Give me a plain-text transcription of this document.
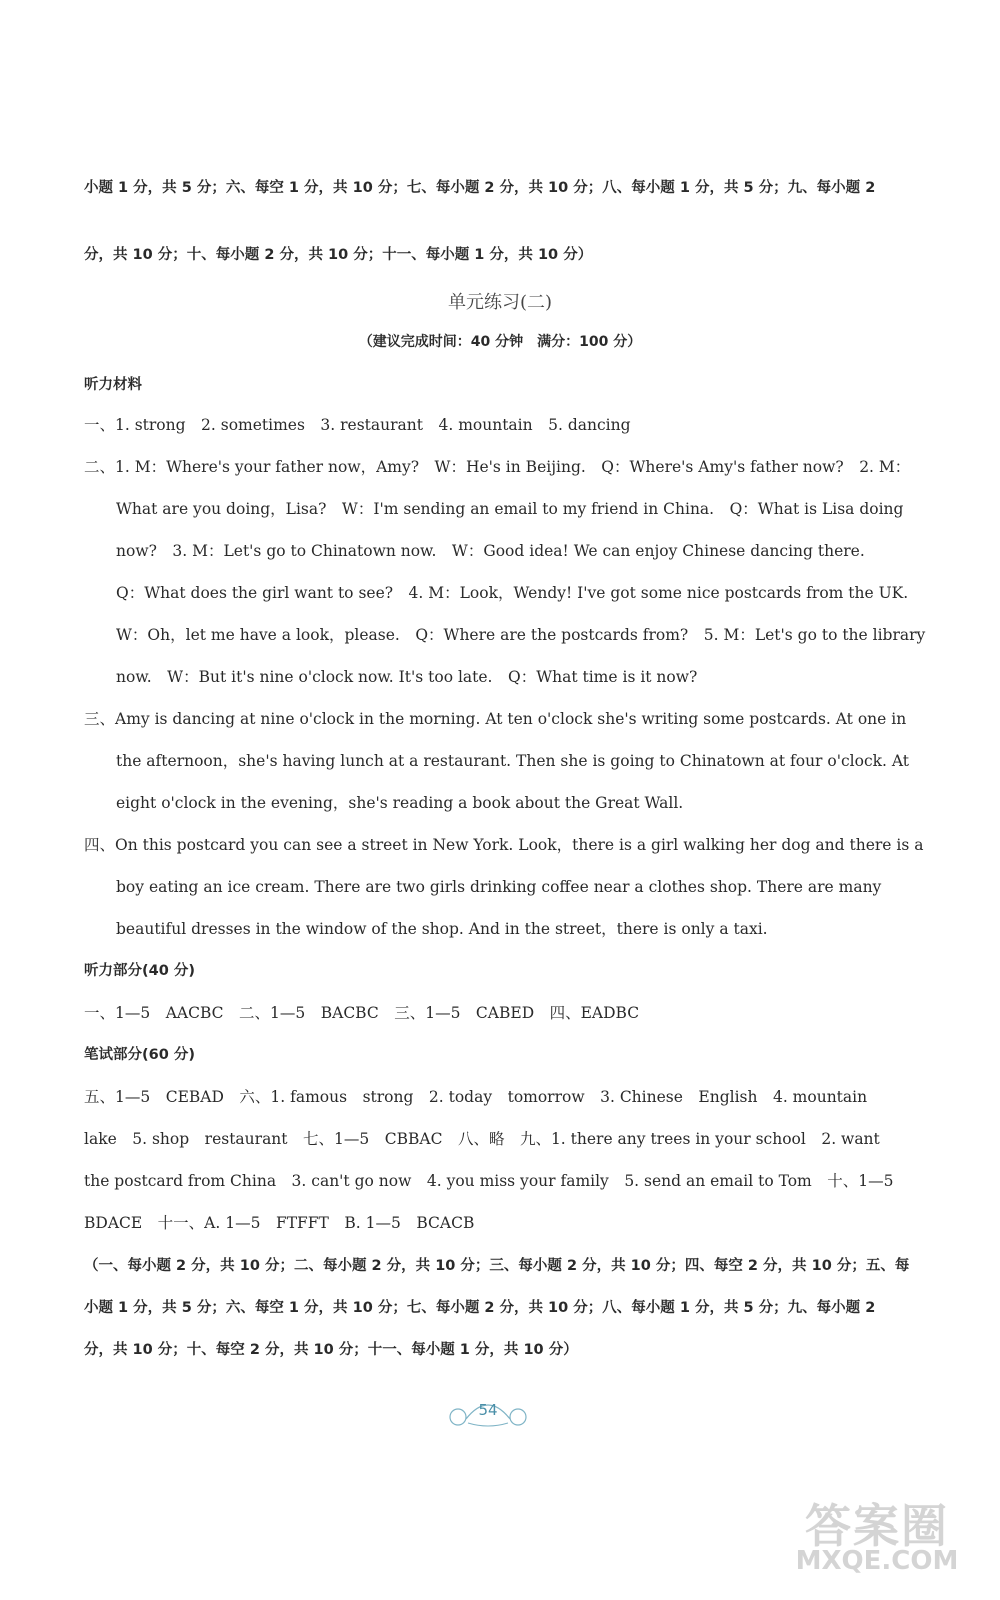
小题 1 分，共 5 分；六、每空 1 分，共 10 分；七、每小题 2 分，共 10 分；八、每小题 1 分，共 5 分；九、每小题 2
分，共 10 分；十、每小题 2 分，共 10 分；十一、每小题 1 分，共 10 分）
单元练习(二)
（建议完成时间：40 分钟　满分：100 分）
听力材料
一、1. strong　2. sometimes　3. restaurant　4. mountain　5. dancing
二、1. M：Where's your father now，Amy?　W：He's in Beijing.　Q：Where's Amy's father now?　2. M：
What are you doing，Lisa?　W：I'm sending an email to my friend in China.　Q：What is Lisa doing
now?　3. M：Let's go to Chinatown now.　W：Good idea! We can enjoy Chinese dancing there.
Q：What does the girl want to see?　4. M：Look，Wendy! I've got some nice postcards from the UK.
W：Oh，let me have a look，please.　Q：Where are the postcards from?　5. M：Let's go to the library
now.　W：But it's nine o'clock now. It's too late.　Q：What time is it now?
三、Amy is dancing at nine o'clock in the morning. At ten o'clock she's writing some postcards. At one in
the afternoon，she's having lunch at a restaurant. Then she is going to Chinatown at four o'clock. At
eight o'clock in the evening，she's reading a book about the Great Wall.
四、On this postcard you can see a street in New York. Look，there is a girl walking her dog and there is a
boy eating an ice cream. There are two girls drinking coffee near a clothes shop. There are many
beautiful dresses in the window of the shop. And in the street，there is only a taxi.
听力部分(40 分)
一、1—5　AACBC　二、1—5　BACBC　三、1—5　CABED　四、EADBC
笔试部分(60 分)
五、1—5　CEBAD　六、1. famous　strong　2. today　tomorrow　3. Chinese　English　4. mountain
lake　5. shop　restaurant　七、1—5　CBBAC　八、略　九、1. there any trees in your school　2. want
the postcard from China　3. can't go now　4. you miss your family　5. send an email to Tom　十、1—5
BDACE　十一、A. 1—5　FTFFT　B. 1—5　BCACB
（一、每小题 2 分，共 10 分；二、每小题 2 分，共 10 分；三、每小题 2 分，共 10 分；四、每空 2 分，共 10 分；五、每
小题 1 分，共 5 分；六、每空 1 分，共 10 分；七、每小题 2 分，共 10 分；八、每小题 1 分，共 5 分；九、每小题 2
分，共 10 分；十、每空 2 分，共 10 分；十一、每小题 1 分，共 10 分）
54
答案圈
MXQE.COM
